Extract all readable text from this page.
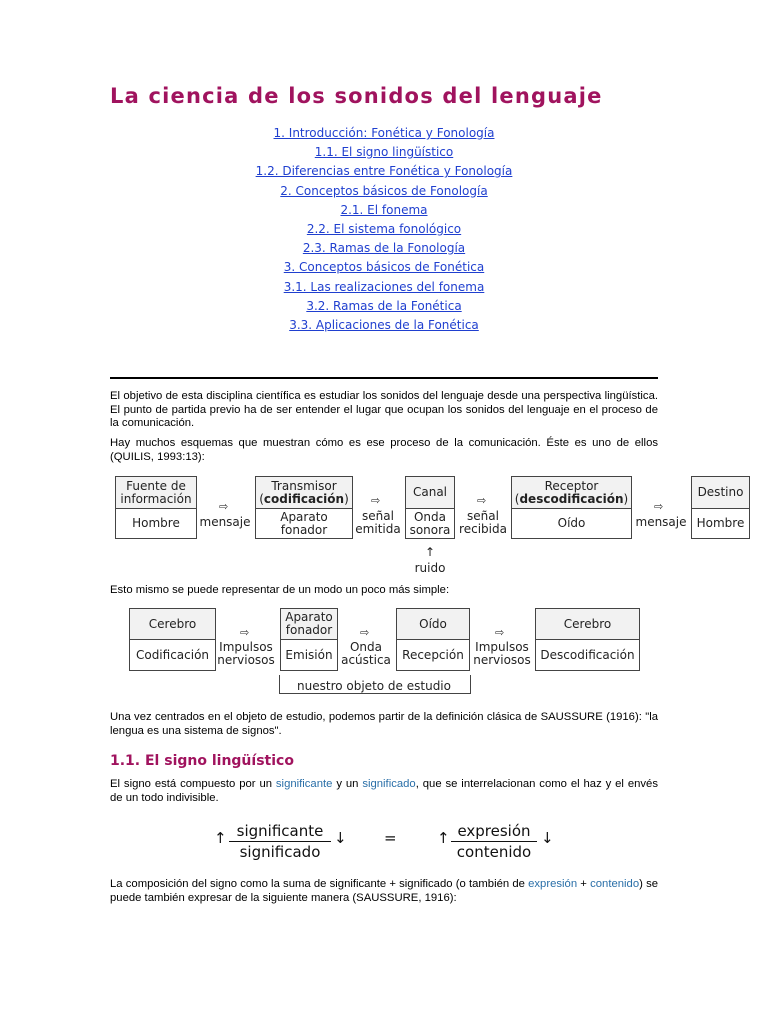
La ciencia de los sonidos del lenguaje
1. Introducción: Fonética y Fonología
1.1. El signo lingüístico
1.2. Diferencias entre Fonética y Fonología
2. Conceptos básicos de Fonología
2.1. El fonema
2.2. El sistema fonológico
2.3. Ramas de la Fonología
3. Conceptos básicos de Fonética
3.1. Las realizaciones del fonema
3.2. Ramas de la Fonética
3.3. Aplicaciones de la Fonética

El objetivo de esta disciplina científica es estudiar los sonidos del lenguaje desde una perspectiva lingüística. El punto de partida previo ha de ser entender el lugar que ocupan los sonidos del lenguaje en el proceso de la comunicación.

Hay muchos esquemas que muestran cómo es ese proceso de la comunicación. Éste es uno de ellos (QUILIS, 1993:13):

Fuente de información
Hombre
⇨
mensaje
Transmisor
(codificación)
Aparato fonador
⇨
señal emitida
Canal
Onda sonora
⇨
señal recibida
Receptor
(descodificación)
Oído
⇨
mensaje
Destino
Hombre
↑
ruido

Esto mismo se puede representar de un modo un poco más simple:

Cerebro
Codificación
⇨
Impulsos nerviosos
Aparato fonador
Emisión
⇨
Onda acústica
Oído
Recepción
⇨
Impulsos nerviosos
Cerebro
Descodificación
nuestro objeto de estudio

Una vez centrados en el objeto de estudio, podemos partir de la definición clásica de SAUSSURE (1916): "la lengua es una sistema de signos".

1.1. El signo lingüístico

El signo está compuesto por un significante y un significado, que se interrelacionan como el haz y el envés de un todo indivisible.

↑ significante
significado
↓ =	↑ expresión
contenido
↓

La composición del signo como la suma de significante + significado (o también de expresión + contenido) se puede también expresar de la siguiente manera (SAUSSURE, 1916):
